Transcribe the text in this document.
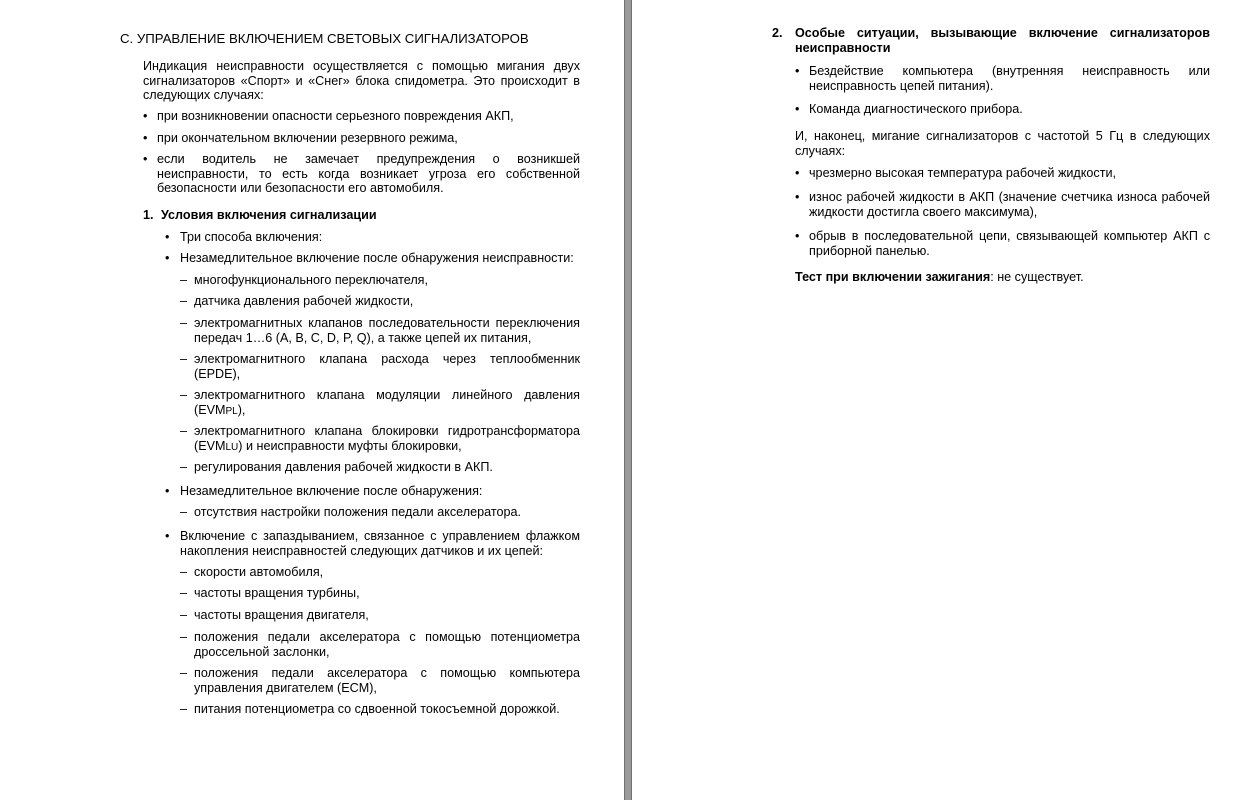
С. УПРАВЛЕНИЕ ВКЛЮЧЕНИЕМ СВЕТОВЫХ СИГНАЛИЗАТОРОВ
Индикация неисправности осуществляется с помощью мигания двух сигнализаторов «Спорт» и «Снег» блока спидометра. Это происходит в следующих случаях:
• при возникновении опасности серьезного повреждения АКП,
• при окончательном включении резервного режима,
• если водитель не замечает предупреждения о возникшей неисправности, то есть когда возникает угроза его собственной безопасности или безопасности его автомобиля.
1. Условия включения сигнализации
• Три способа включения:
• Незамедлительное включение после обнаружения неисправности:
– многофункционального переключателя,
– датчика давления рабочей жидкости,
– электромагнитных клапанов последовательности переключения передач 1…6 (A, B, C, D, P, Q), а также цепей их питания,
– электромагнитного клапана расхода через теплообменник (EPDE),
– электромагнитного клапана модуляции линейного давления (EVMPL),
– электромагнитного клапана блокировки гидротрансформатора (EVMLU) и неисправности муфты блокировки,
– регулирования давления рабочей жидкости в АКП.
• Незамедлительное включение после обнаружения:
– отсутствия настройки положения педали акселератора.
• Включение с запаздыванием, связанное с управлением флажком накопления неисправностей следующих датчиков и их цепей:
– скорости автомобиля,
– частоты вращения турбины,
– частоты вращения двигателя,
– положения педали акселератора с помощью потенциометра дроссельной заслонки,
– положения педали акселератора с помощью компьютера управления двигателем (ECM),
– питания потенциометра со сдвоенной токосъемной дорожкой.
2. Особые ситуации, вызывающие включение сигнализаторов неисправности
• Бездействие компьютера (внутренняя неисправность или неисправность цепей питания).
• Команда диагностического прибора.
И, наконец, мигание сигнализаторов с частотой 5 Гц в следующих случаях:
• чрезмерно высокая температура рабочей жидкости,
• износ рабочей жидкости в АКП (значение счетчика износа рабочей жидкости достигла своего максимума),
• обрыв в последовательной цепи, связывающей компьютер АКП с приборной панелью.
Тест при включении зажигания: не существует.
